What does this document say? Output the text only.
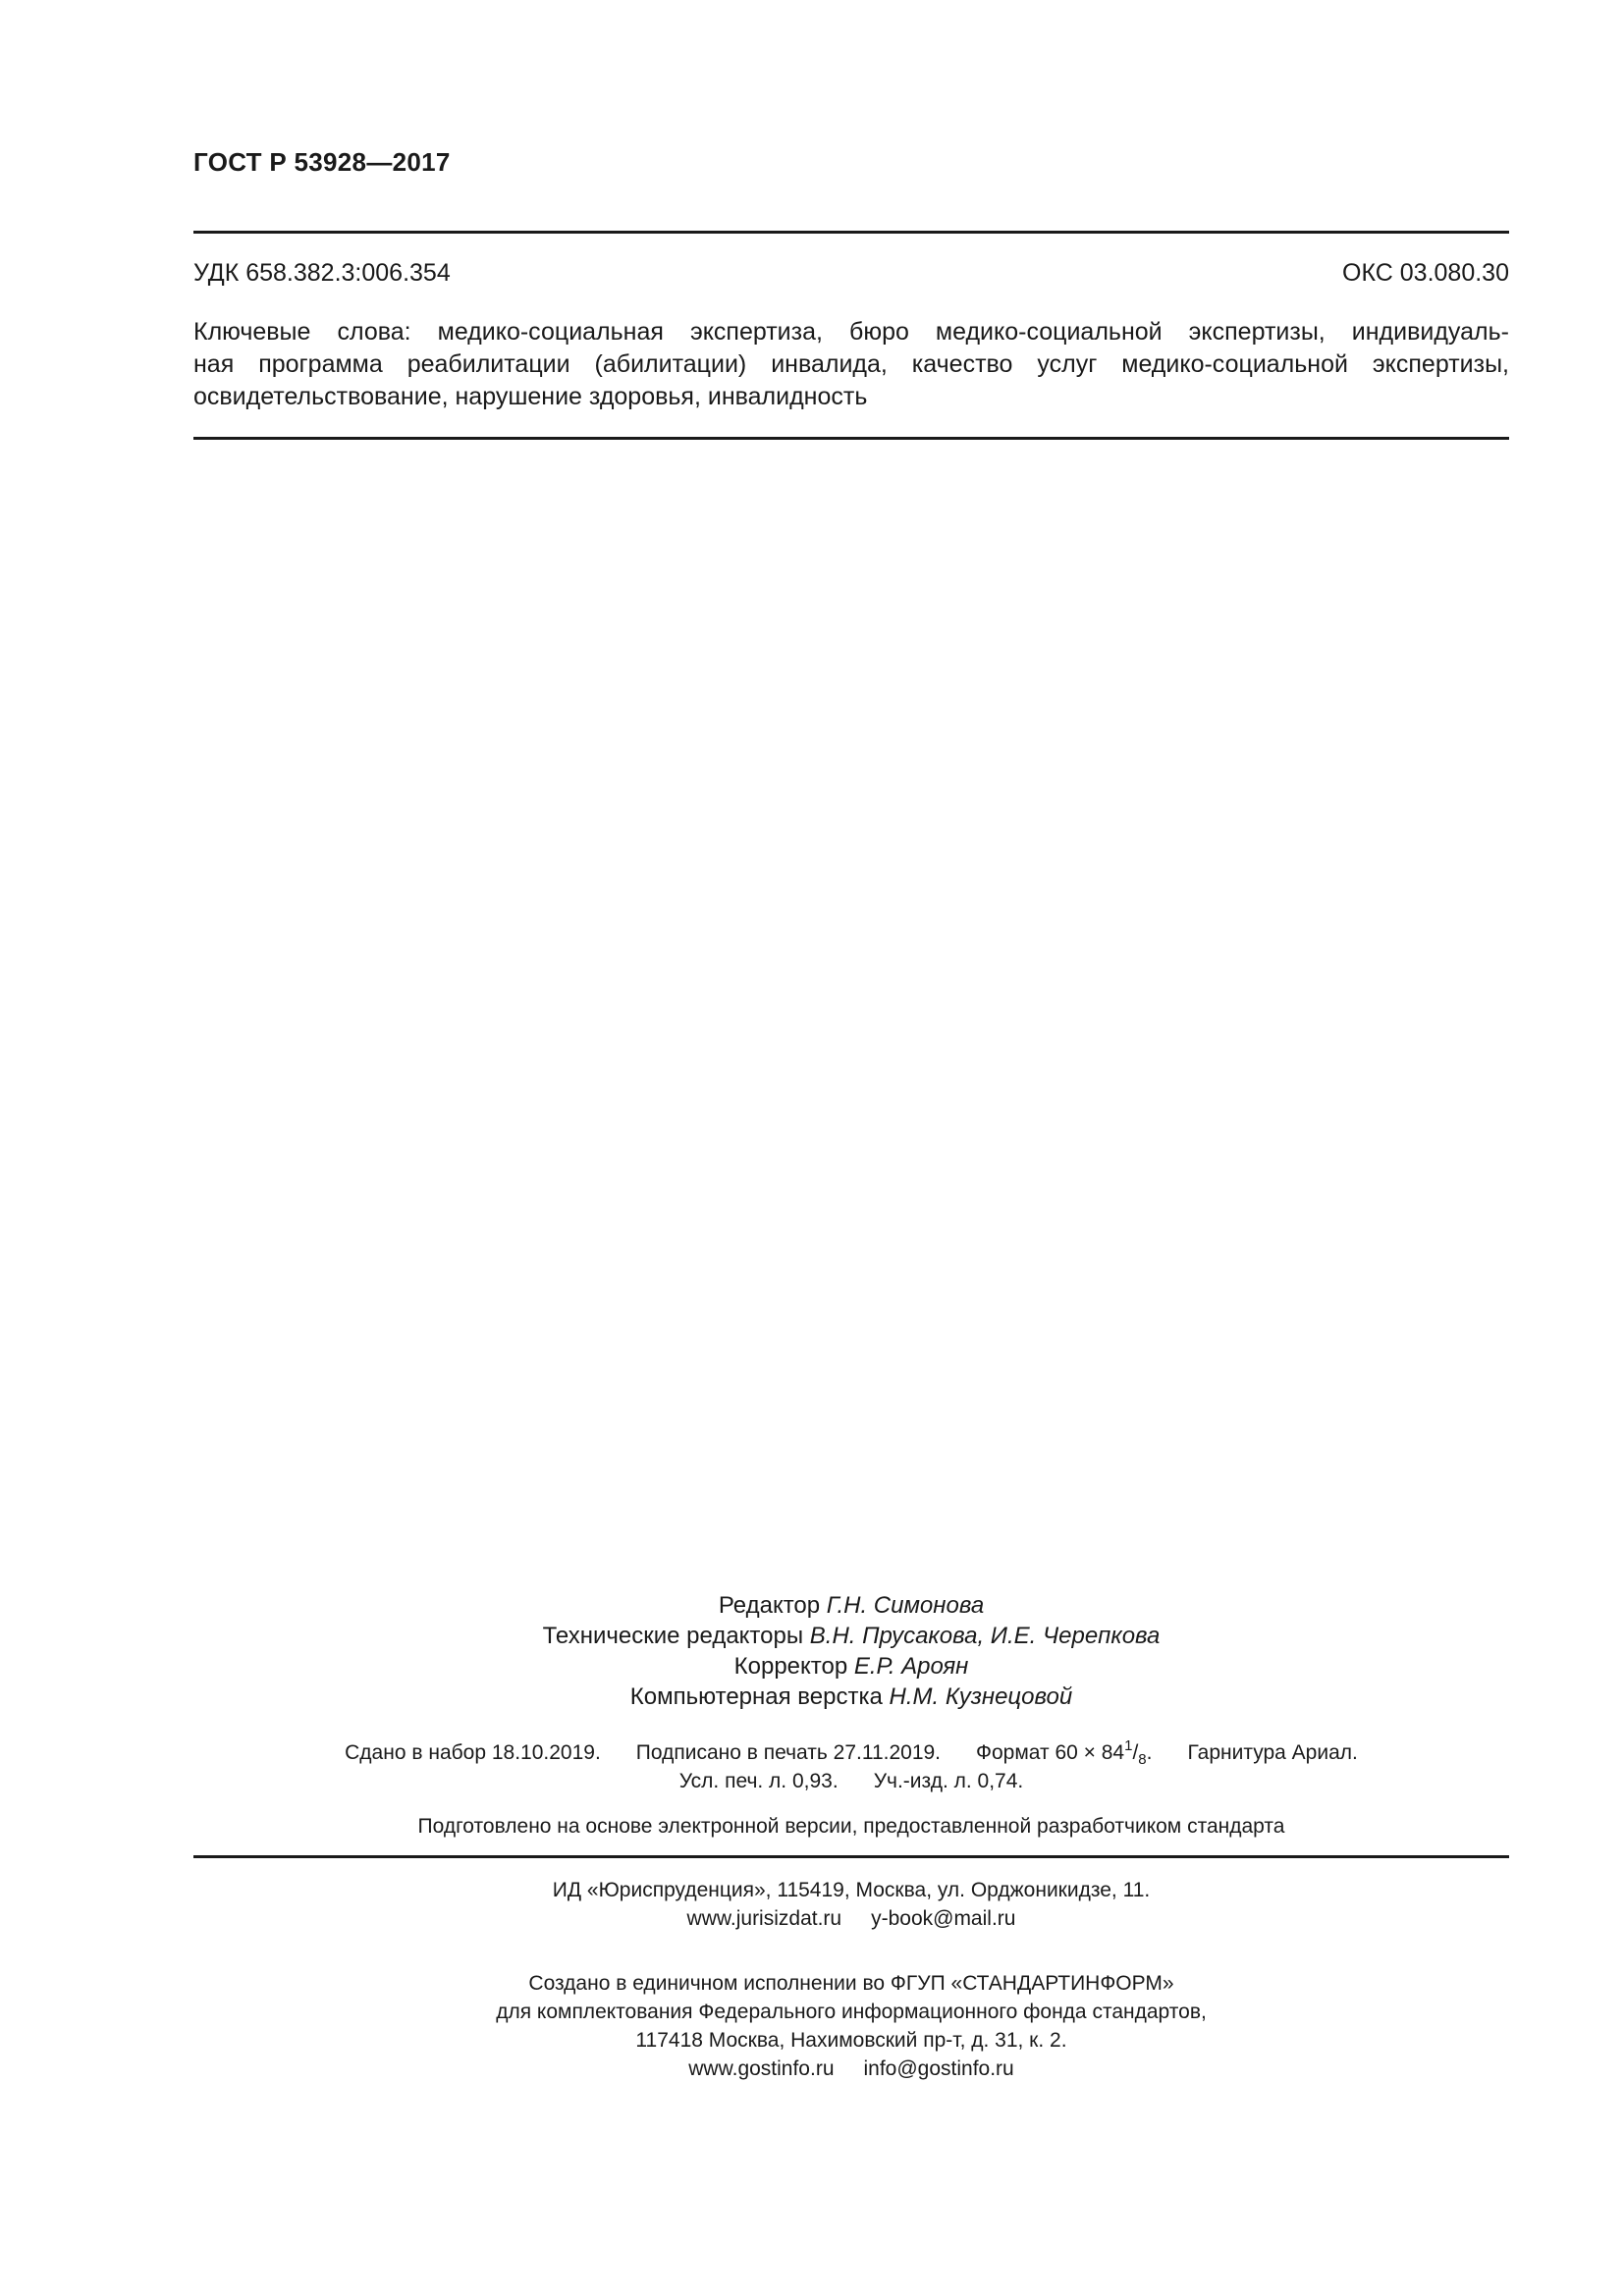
ГОСТ Р 53928—2017
УДК 658.382.3:006.354	ОКС 03.080.30
Ключевые слова: медико-социальная экспертиза, бюро медико-социальной экспертизы, индивидуаль-
ная программа реабилитации (абилитации) инвалида, качество услуг медико-социальной экспертизы,
освидетельствование, нарушение здоровья, инвалидность
Редактор Г.Н. Симонова
Технические редакторы В.Н. Прусакова, И.Е. Черепкова
Корректор Е.Р. Ароян
Компьютерная верстка Н.М. Кузнецовой
Сдано в набор 18.10.2019. Подписано в печать 27.11.2019. Формат $60 \times 84^1/_8$. Гарнитура Ариал.
Усл. печ. л. 0,93. Уч.-изд. л. 0,74.
Подготовлено на основе электронной версии, предоставленной разработчиком стандарта
ИД «Юриспруденция», 115419, Москва, ул. Орджоникидзе, 11.
www.jurisizdat.ru y-book@mail.ru
Создано в единичном исполнении во ФГУП «СТАНДАРТИНФОРМ»
для комплектования Федерального информационного фонда стандартов,
117418 Москва, Нахимовский пр-т, д. 31, к. 2.
www.gostinfo.ru info@gostinfo.ru
